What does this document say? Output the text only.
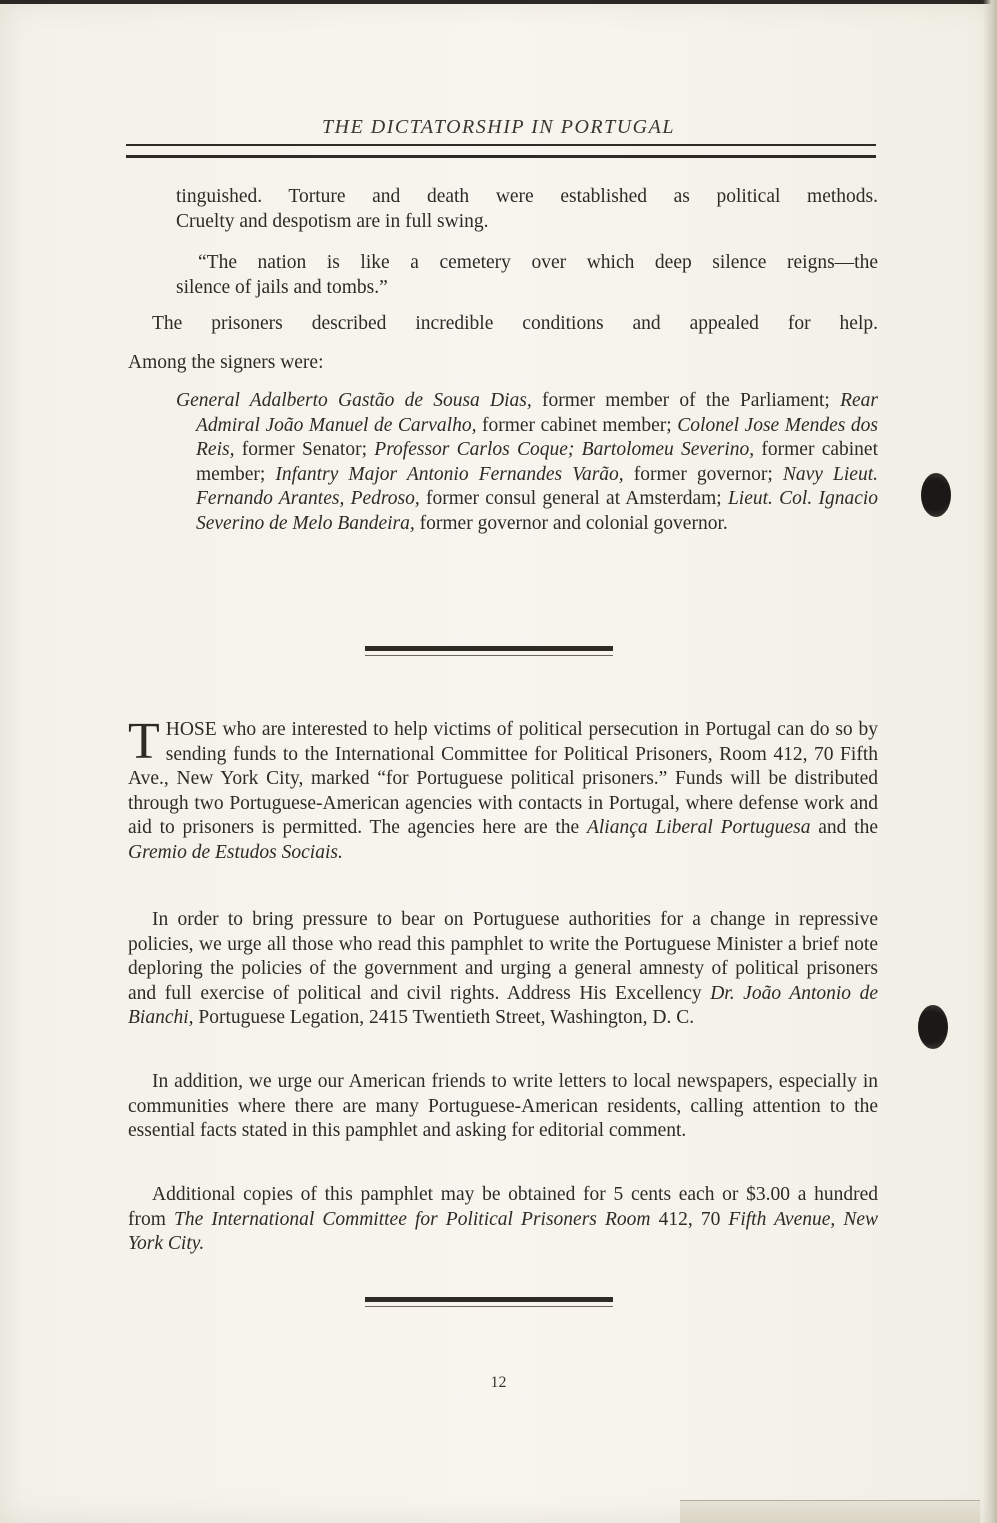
THE DICTATORSHIP IN PORTUGAL
tinguished. Torture and death were established as political methods.
Cruelty and despotism are in full swing.
“The nation is like a cemetery over which deep silence reigns—the
silence of jails and tombs.”
The prisoners described incredible conditions and appealed for help.
Among the signers were:
General Adalberto Gastão de Sousa Dias, former member of the Parliament; Rear Admiral João Manuel de Carvalho, former cabinet member; Colonel Jose Mendes dos Reis, former Senator; Professor Carlos Coque; Bartolomeu Severino, former cabinet member; Infantry Major Antonio Fernandes Varão, former governor; Navy Lieut. Fernando Arantes, Pedroso, former consul general at Amsterdam; Lieut. Col. Ignacio Severino de Melo Bandeira, former governor and colonial governor.
THOSE who are interested to help victims of political persecution in Portugal can do so by sending funds to the International Committee for Political Prisoners, Room 412, 70 Fifth Ave., New York City, marked “for Portuguese political prisoners.” Funds will be distributed through two Portuguese-American agencies with contacts in Portugal, where defense work and aid to prisoners is permitted. The agencies here are the Aliança Liberal Portuguesa and the Gremio de Estudos Sociais.
In order to bring pressure to bear on Portuguese authorities for a change in repressive policies, we urge all those who read this pamphlet to write the Portuguese Minister a brief note deploring the policies of the government and urging a general amnesty of political prisoners and full exercise of political and civil rights. Address His Excellency Dr. João Antonio de Bianchi, Portuguese Legation, 2415 Twentieth Street, Washington, D. C.
In addition, we urge our American friends to write letters to local newspapers, especially in communities where there are many Portuguese-American residents, calling attention to the essential facts stated in this pamphlet and asking for editorial comment.
Additional copies of this pamphlet may be obtained for 5 cents each or $3.00 a hundred from The International Committee for Political Prisoners Room 412, 70 Fifth Avenue, New York City.
12
